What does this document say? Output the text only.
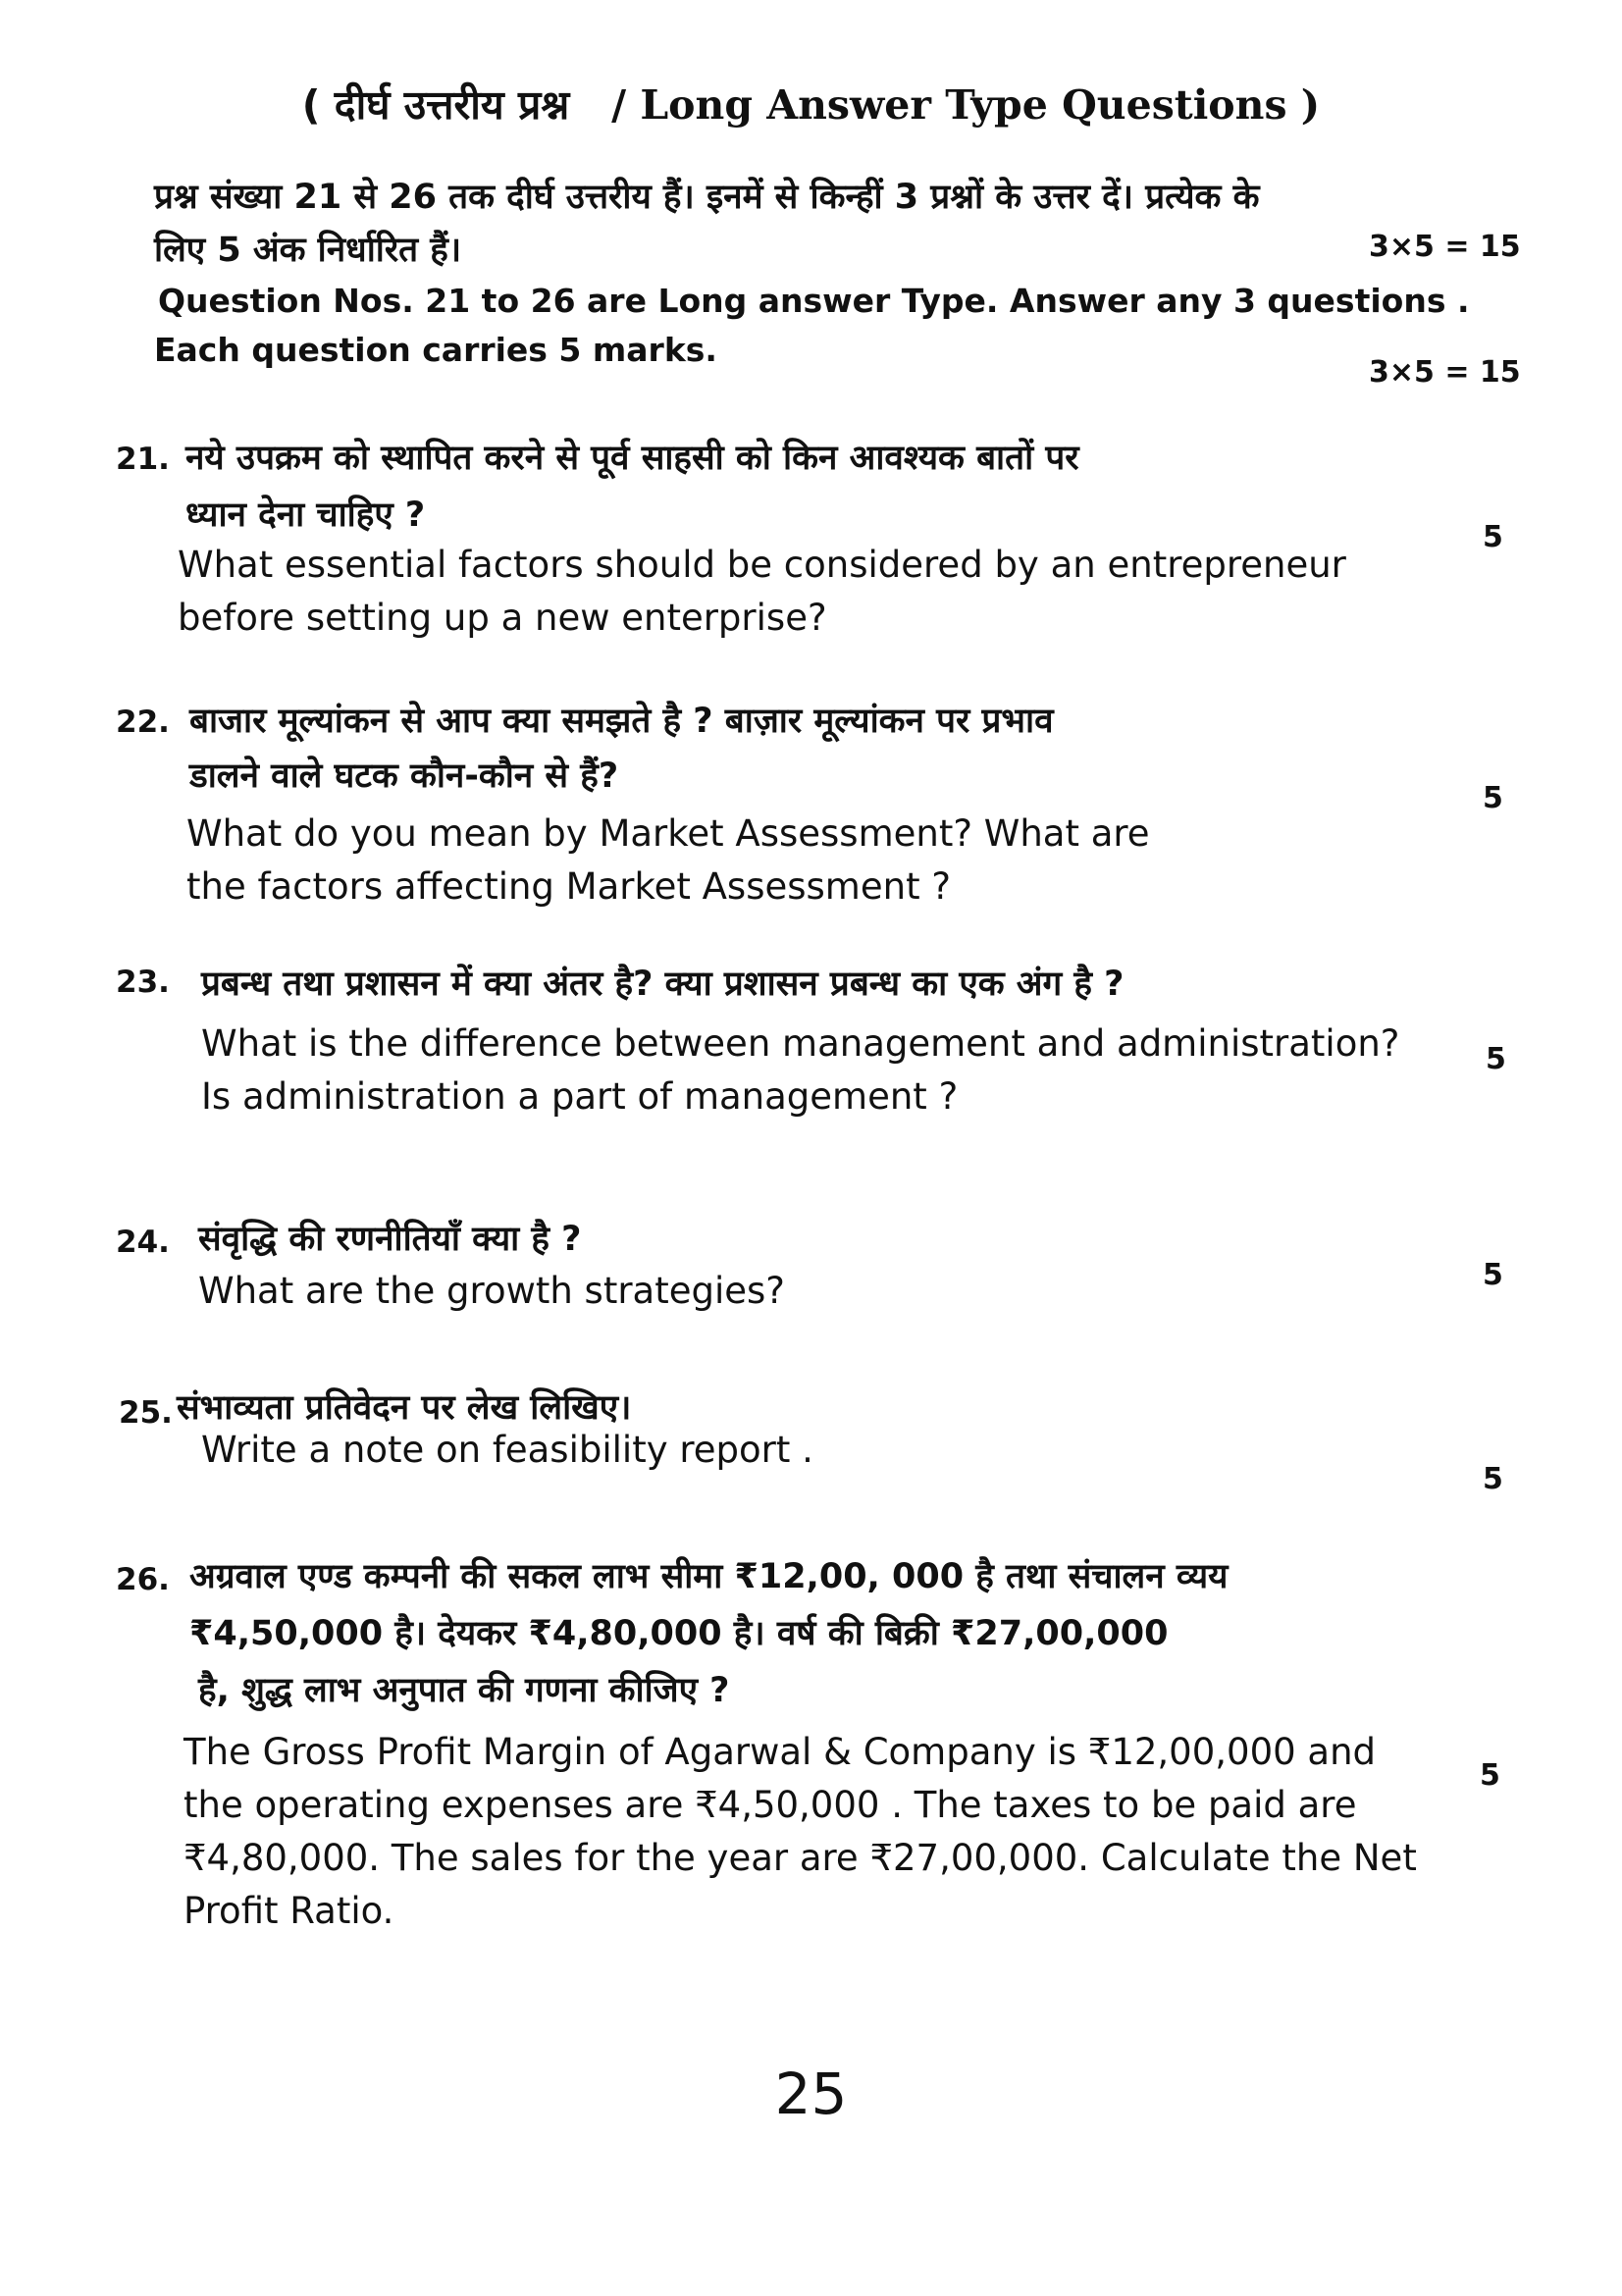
( दीर्घ उत्तरीय प्रश्न / Long Answer Type Questions )
प्रश्न संख्या 21 से 26 तक दीर्घ उत्तरीय हैं। इनमें से किन्हीं 3 प्रश्नों के उत्तर दें। प्रत्येक के
लिए 5 अंक निर्धारित हैं।	3×5 = 15
Question Nos. 21 to 26 are Long answer Type. Answer any 3 questions .
Each question carries 5 marks.
3×5 = 15
21. नये उपक्रम को स्थापित करने से पूर्व साहसी को किन आवश्यक बातों पर
ध्यान देना चाहिए ?
5
What essential factors should be considered by an entrepreneur
before setting up a new enterprise?
22. बाजार मूल्यांकन से आप क्या समझते है ? बाज़ार मूल्यांकन पर प्रभाव
डालने वाले घटक कौन-कौन से हैं?
5
What do you mean by Market Assessment? What are
the factors affecting Market Assessment ?
23. प्रबन्ध तथा प्रशासन में क्या अंतर है? क्या प्रशासन प्रबन्ध का एक अंग है ?
What is the difference between management and administration?	5
Is administration a part of management ?
24. संवृद्धि की रणनीतियाँ क्या है ?
5
What are the growth strategies?
25. संभाव्यता प्रतिवेदन पर लेख लिखिए।
Write a note on feasibility report .
5
26. अग्रवाल एण्ड कम्पनी की सकल लाभ सीमा ₹12,00, 000 है तथा संचालन व्यय
₹4,50,000 है। देयकर ₹4,80,000 है। वर्ष की बिक्री ₹27,00,000
है, शुद्ध लाभ अनुपात की गणना कीजिए ?
The Gross Profit Margin of Agarwal & Company is ₹12,00,000 and
5
the operating expenses are ₹4,50,000 . The taxes to be paid are
₹4,80,000. The sales for the year are ₹27,00,000. Calculate the Net
Profit Ratio.
25
